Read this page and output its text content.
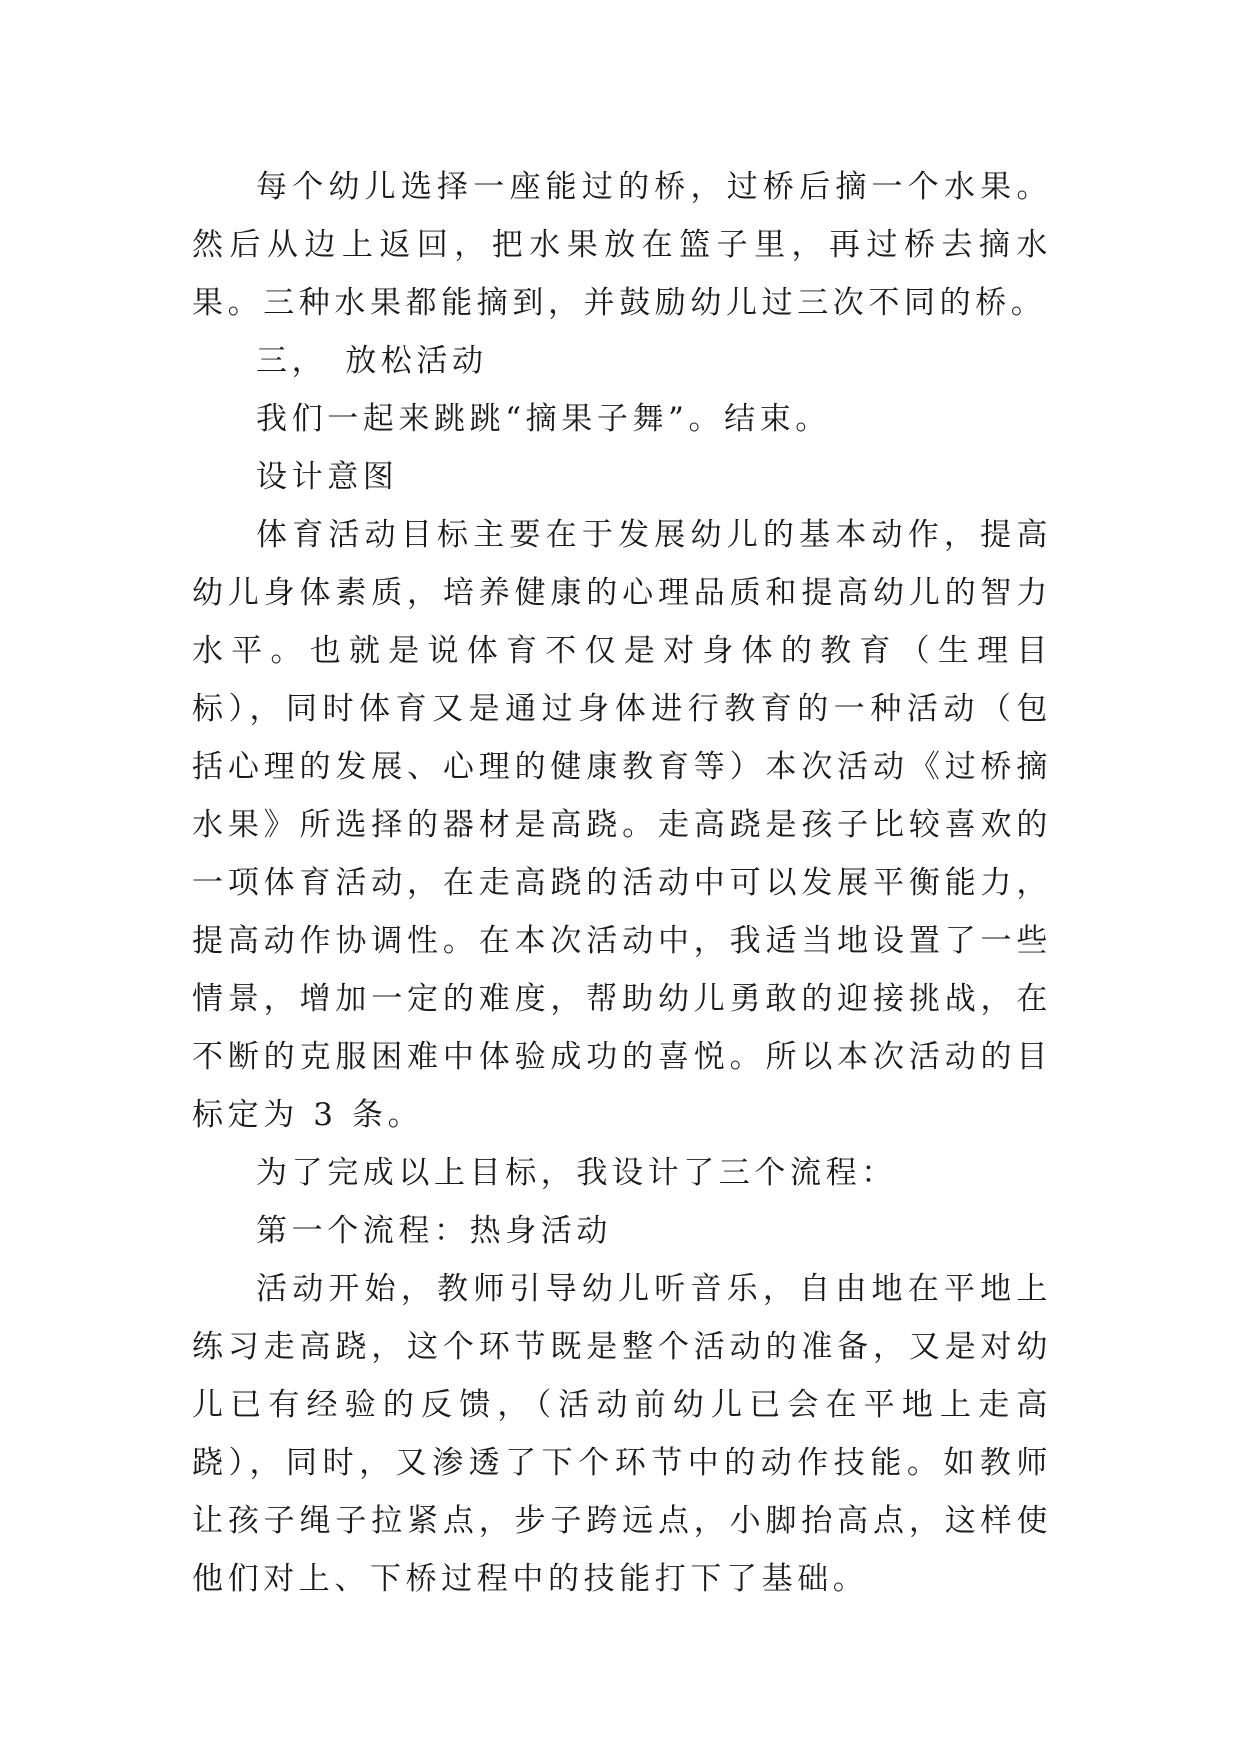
每个幼儿选择一座能过的桥，过桥后摘一个水果。然后从边上返回，把水果放在篮子里，再过桥去摘水果。三种水果都能摘到，并鼓励幼儿过三次不同的桥。

三， 放松活动

我们一起来跳跳“摘果子舞”。结束。

设计意图

体育活动目标主要在于发展幼儿的基本动作，提高幼儿身体素质，培养健康的心理品质和提高幼儿的智力水平。也就是说体育不仅是对身体的教育（生理目标），同时体育又是通过身体进行教育的一种活动（包括心理的发展、心理的健康教育等）本次活动《过桥摘水果》所选择的器材是高跷。走高跷是孩子比较喜欢的一项体育活动，在走高跷的活动中可以发展平衡能力，提高动作协调性。在本次活动中，我适当地设置了一些情景，增加一定的难度，帮助幼儿勇敢的迎接挑战，在不断的克服困难中体验成功的喜悦。所以本次活动的目标定为 3 条。

为了完成以上目标，我设计了三个流程：

第一个流程：热身活动

活动开始，教师引导幼儿听音乐，自由地在平地上练习走高跷，这个环节既是整个活动的准备，又是对幼儿已有经验的反馈，（活动前幼儿已会在平地上走高跷），同时，又渗透了下个环节中的动作技能。如教师让孩子绳子拉紧点，步子跨远点，小脚抬高点，这样使他们对上、下桥过程中的技能打下了基础。
